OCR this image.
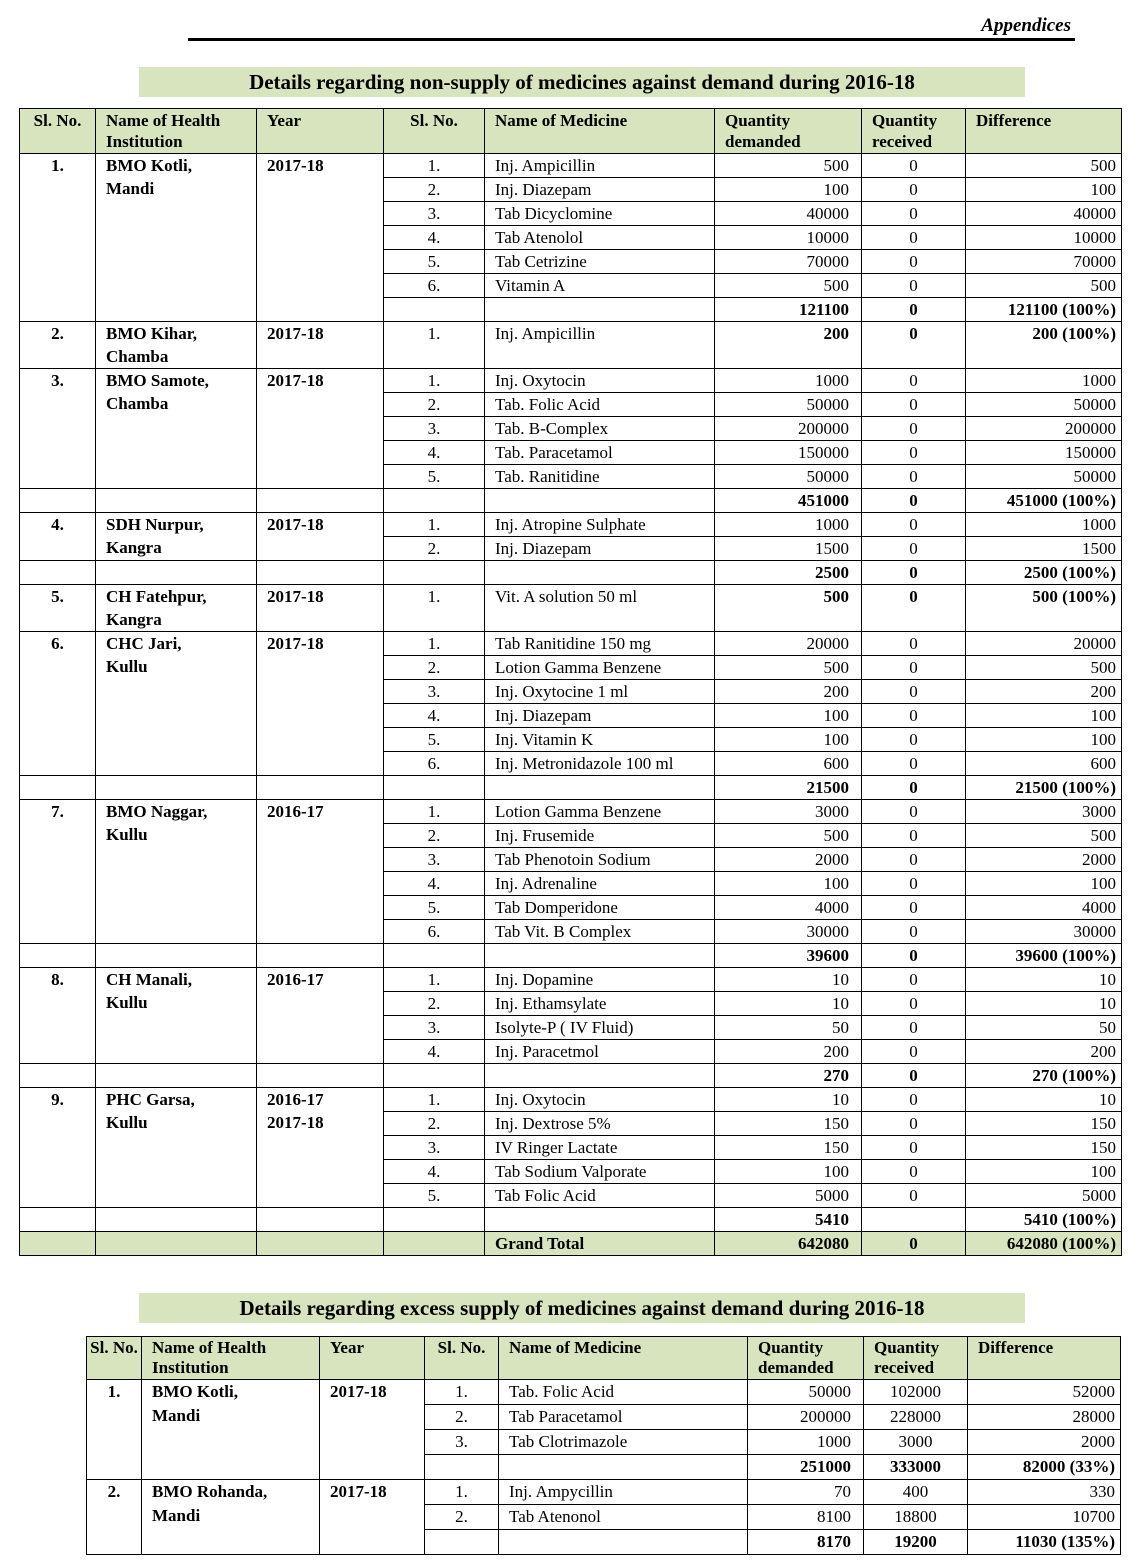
Appendices
Details regarding non-supply of medicines against demand during 2016-18
Sl. No.	Name of Health Institution	Year	Sl. No.	Name of Medicine	Quantity demanded	Quantity received	Difference
1.	BMO Kotli,
Mandi	2017-18	1.	Inj. Ampicillin	500	0	500
			2.	Inj. Diazepam	100	0	100
			3.	Tab Dicyclomine	40000	0	40000
			4.	Tab Atenolol	10000	0	10000
			5.	Tab Cetrizine	70000	0	70000
			6.	Vitamin A	500	0	500
					121100	0	121100 (100%)
2.	BMO Kihar,
Chamba	2017-18	1.	Inj. Ampicillin	200	0	200 (100%)
3.	BMO Samote,
Chamba	2017-18	1.	Inj. Oxytocin	1000	0	1000
			2.	Tab. Folic Acid	50000	0	50000
			3.	Tab. B-Complex	200000	0	200000
			4.	Tab. Paracetamol	150000	0	150000
			5.	Tab. Ranitidine	50000	0	50000
					451000	0	451000 (100%)
4.	SDH Nurpur,
Kangra	2017-18	1.	Inj. Atropine Sulphate	1000	0	1000
			2.	Inj. Diazepam	1500	0	1500
					2500	0	2500 (100%)
5.	CH Fatehpur,
Kangra	2017-18	1.	Vit. A solution 50 ml	500	0	500 (100%)
6.	CHC Jari,
Kullu	2017-18	1.	Tab Ranitidine 150 mg	20000	0	20000
			2.	Lotion Gamma Benzene	500	0	500
			3.	Inj. Oxytocine 1 ml	200	0	200
			4.	Inj. Diazepam	100	0	100
			5.	Inj. Vitamin K	100	0	100
			6.	Inj. Metronidazole 100 ml	600	0	600
					21500	0	21500 (100%)
7.	BMO Naggar,
Kullu	2016-17	1.	Lotion Gamma Benzene	3000	0	3000
			2.	Inj. Frusemide	500	0	500
			3.	Tab Phenotoin Sodium	2000	0	2000
			4.	Inj. Adrenaline	100	0	100
			5.	Tab Domperidone	4000	0	4000
			6.	Tab Vit. B Complex	30000	0	30000
					39600	0	39600 (100%)
8.	CH Manali,
Kullu	2016-17	1.	Inj. Dopamine	10	0	10
			2.	Inj. Ethamsylate	10	0	10
			3.	Isolyte-P ( IV Fluid)	50	0	50
			4.	Inj. Paracetmol	200	0	200
					270	0	270 (100%)
9.	PHC Garsa,
Kullu	2016-17
2017-18	1.	Inj. Oxytocin	10	0	10
			2.	Inj. Dextrose 5%	150	0	150
			3.	IV Ringer Lactate	150	0	150
			4.	Tab Sodium Valporate	100	0	100
			5.	Tab Folic Acid	5000	0	5000
					5410		5410 (100%)
				Grand Total	642080	0	642080 (100%)
Details regarding excess supply of medicines against demand during 2016-18
Sl. No.	Name of Health Institution	Year	Sl. No.	Name of Medicine	Quantity demanded	Quantity received	Difference
1.	BMO Kotli,
Mandi	2017-18	1.	Tab. Folic Acid	50000	102000	52000
			2.	Tab Paracetamol	200000	228000	28000
			3.	Tab Clotrimazole	1000	3000	2000
					251000	333000	82000 (33%)
2.	BMO Rohanda,
Mandi	2017-18	1.	Inj. Ampycillin	70	400	330
			2.	Tab Atenonol	8100	18800	10700
					8170	19200	11030 (135%)
